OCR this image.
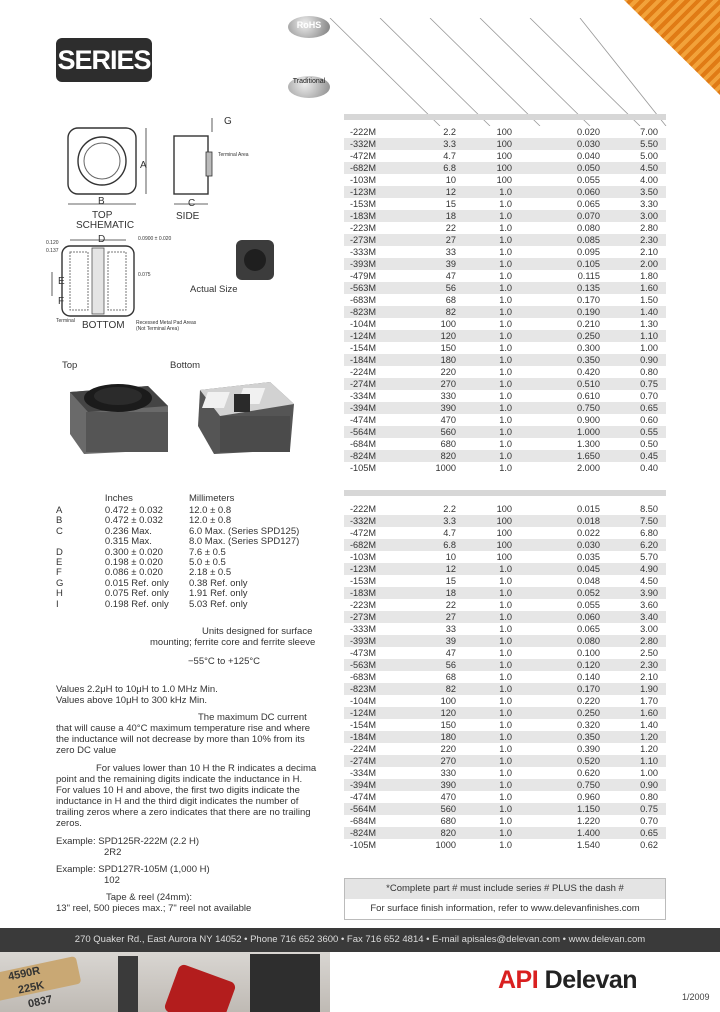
SERIES
RoHS
Traditional
G
A
B	C
D
E
F
TOP
SCHEMATIC
SIDE
BOTTOM
Actual Size
Terminal Area
Recessed Metal Pad Areas (Not Terminal Area)
Terminal
0.120
0.137
0.0900 ± 0.020
0.075
Top	Bottom
Inches	Millimeters
A	0.472 ± 0.032	12.0 ± 0.8
B	0.472 ± 0.032	12.0 ± 0.8
C	0.236 Max.	6.0 Max. (Series SPD125)
0.315 Max.	8.0 Max. (Series SPD127)
D	0.300 ± 0.020	7.6 ± 0.5
E	0.198 ± 0.020	5.0 ± 0.5
F	0.086 ± 0.020	2.18 ± 0.5
G	0.015 Ref. only	0.38 Ref. only
H	0.075 Ref. only	1.91 Ref. only
I	0.198 Ref. only	5.03 Ref. only
Units designed for surface
mounting; ferrite core and ferrite sleeve
−55°C to +125°C
Values 2.2μH to 10μH to 1.0 MHz Min.
Values above 10μH to 300 kHz Min.
The maximum DC current
that will cause a 40°C maximum temperature rise and where
the inductance will not decrease by more than 10% from its
zero DC value
For values lower than 10 H the R indicates a decima
point and the remaining digits indicate the inductance in H.
For values 10 H and above, the first two digits indicate the
inductance in H and the third digit indicates the number of
trailing zeros where a zero indicates that there are no trailing
zeros.
Example: SPD125R-222M (2.2 H)
2R2
Example: SPD127R-105M (1,000 H)
102
Tape & reel (24mm):
13" reel, 500 pieces max.; 7" reel not available
-222M	2.2	100	0.020	7.00
-332M	3.3	100	0.030	5.50
-472M	4.7	100	0.040	5.00
-682M	6.8	100	0.050	4.50
-103M	10	100	0.055	4.00
-123M	12	1.0	0.060	3.50
-153M	15	1.0	0.065	3.30
-183M	18	1.0	0.070	3.00
-223M	22	1.0	0.080	2.80
-273M	27	1.0	0.085	2.30
-333M	33	1.0	0.095	2.10
-393M	39	1.0	0.105	2.00
-479M	47	1.0	0.115	1.80
-563M	56	1.0	0.135	1.60
-683M	68	1.0	0.170	1.50
-823M	82	1.0	0.190	1.40
-104M	100	1.0	0.210	1.30
-124M	120	1.0	0.250	1.10
-154M	150	1.0	0.300	1.00
-184M	180	1.0	0.350	0.90
-224M	220	1.0	0.420	0.80
-274M	270	1.0	0.510	0.75
-334M	330	1.0	0.610	0.70
-394M	390	1.0	0.750	0.65
-474M	470	1.0	0.900	0.60
-564M	560	1.0	1.000	0.55
-684M	680	1.0	1.300	0.50
-824M	820	1.0	1.650	0.45
-105M	1000	1.0	2.000	0.40
-222M	2.2	100	0.015	8.50
-332M	3.3	100	0.018	7.50
-472M	4.7	100	0.022	6.80
-682M	6.8	100	0.030	6.20
-103M	10	100	0.035	5.70
-123M	12	1.0	0.045	4.90
-153M	15	1.0	0.048	4.50
-183M	18	1.0	0.052	3.90
-223M	22	1.0	0.055	3.60
-273M	27	1.0	0.060	3.40
-333M	33	1.0	0.065	3.00
-393M	39	1.0	0.080	2.80
-473M	47	1.0	0.100	2.50
-563M	56	1.0	0.120	2.30
-683M	68	1.0	0.140	2.10
-823M	82	1.0	0.170	1.90
-104M	100	1.0	0.220	1.70
-124M	120	1.0	0.250	1.60
-154M	150	1.0	0.320	1.40
-184M	180	1.0	0.350	1.20
-224M	220	1.0	0.390	1.20
-274M	270	1.0	0.520	1.10
-334M	330	1.0	0.620	1.00
-394M	390	1.0	0.750	0.90
-474M	470	1.0	0.960	0.80
-564M	560	1.0	1.150	0.75
-684M	680	1.0	1.220	0.70
-824M	820	1.0	1.400	0.65
-105M	1000	1.0	1.540	0.62
*Complete part # must include series # PLUS the dash #
For surface finish information, refer to www.delevanfinishes.com
270 Quaker Rd., East Aurora NY 14052 • Phone 716 652 3600 • Fax 716 652 4814 • E-mail apisales@delevan.com • www.delevan.com
4590R
225K
0837
API Delevan
1/2009
